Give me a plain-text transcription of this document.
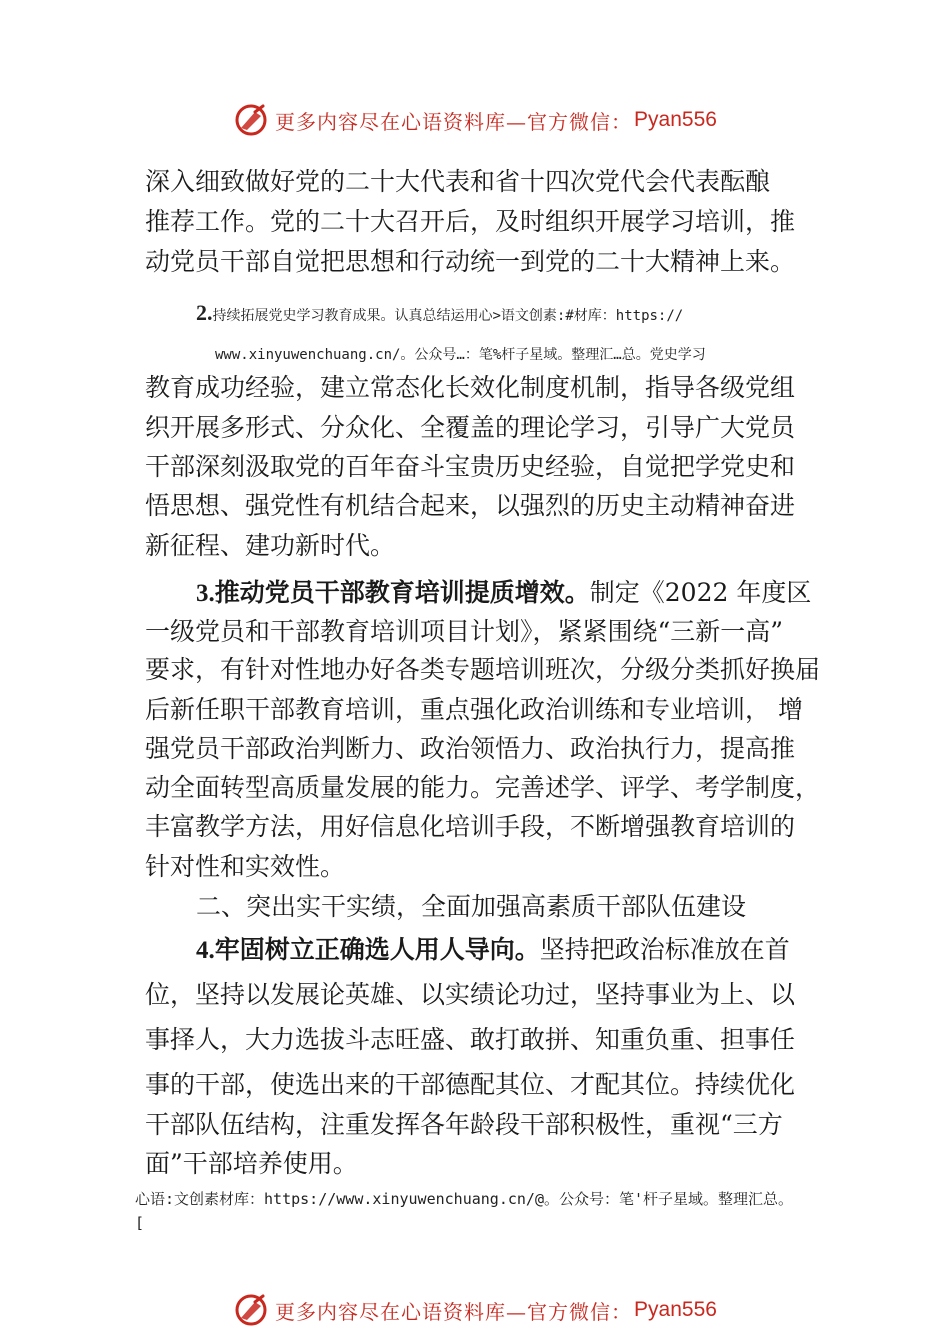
更多内容尽在心语资料库—官方微信： Pyan556
深入细致做好党的二十大代表和省十四次党代会代表酝酿
推荐工作。党的二十大召开后，及时组织开展学习培训，推
动党员干部自觉把思想和行动统一到党的二十大精神上来。
2.持续拓展党史学习教育成果。认真总结运用心>语文创素:#材库：https://
www.xinyuwenchuang.cn/。公众号…：笔%杆子星域。整理汇…总。党史学习
教育成功经验，建立常态化长效化制度机制，指导各级党组
织开展多形式、分众化、全覆盖的理论学习，引导广大党员
干部深刻汲取党的百年奋斗宝贵历史经验，自觉把学党史和
悟思想、强党性有机结合起来，以强烈的历史主动精神奋进
新征程、建功新时代。
3.推动党员干部教育培训提质增效。制定《2022 年度区
一级党员和干部教育培训项目计划》，紧紧围绕“三新一高”
要求，有针对性地办好各类专题培训班次，分级分类抓好换届
后新任职干部教育培训，重点强化政治训练和专业培训， 增
强党员干部政治判断力、政治领悟力、政治执行力，提高推
动全面转型高质量发展的能力。完善述学、评学、考学制度，
丰富教学方法，用好信息化培训手段，不断增强教育培训的
针对性和实效性。
二、突出实干实绩，全面加强高素质干部队伍建设
4.牢固树立正确选人用人导向。坚持把政治标准放在首
位，坚持以发展论英雄、以实绩论功过，坚持事业为上、以
事择人，大力选拔斗志旺盛、敢打敢拼、知重负重、担事任
事的干部，使选出来的干部德配其位、才配其位。持续优化
干部队伍结构，注重发挥各年龄段干部积极性，重视“三方
面”干部培养使用。
心语:文创素材库：https://www.xinyuwenchuang.cn/@。公众号：笔'杆子星域。整理汇总。
[
更多内容尽在心语资料库—官方微信： Pyan556
